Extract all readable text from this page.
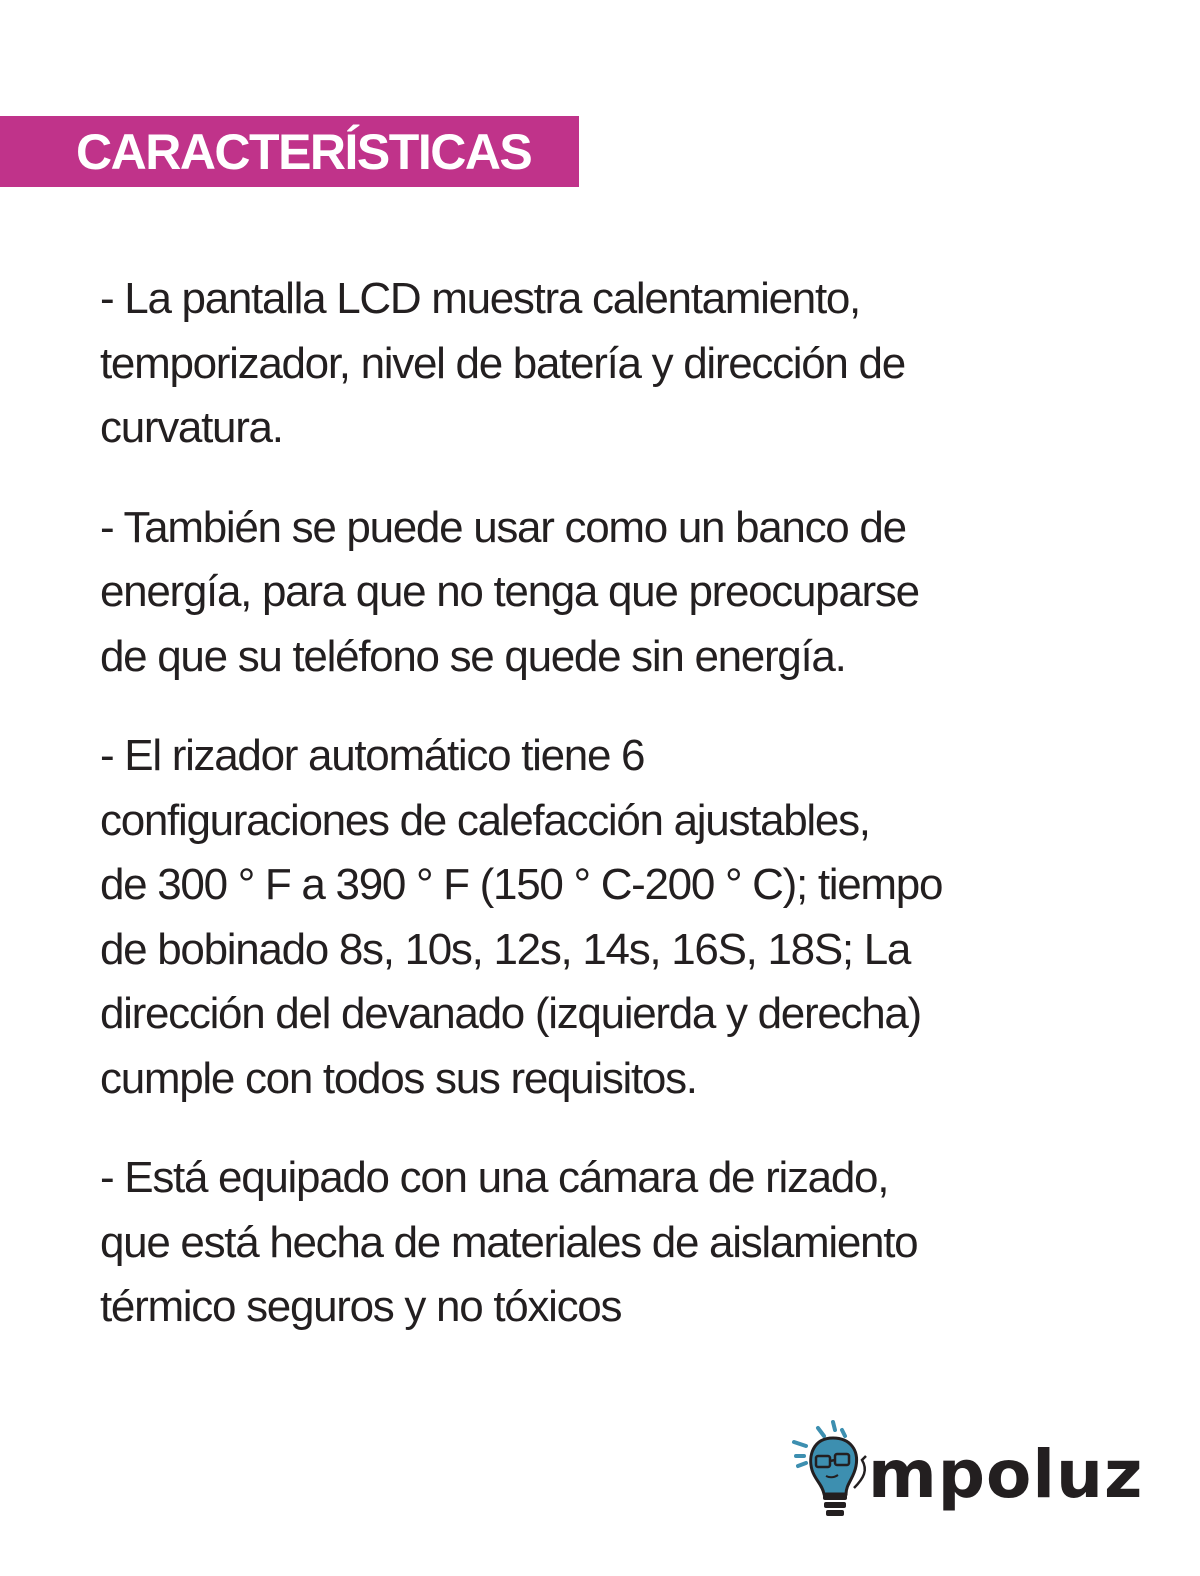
CARACTERÍSTICAS

- La pantalla LCD muestra calentamiento,
temporizador, nivel de batería y dirección de
curvatura.

- También se puede usar como un banco de
energía, para que no tenga que preocuparse
de que su teléfono se quede sin energía.

- El rizador automático tiene 6
configuraciones de calefacción ajustables,
de 300 ° F a 390 ° F (150 ° C-200 ° C); tiempo
de bobinado 8s, 10s, 12s, 14s, 16S, 18S; La
dirección del devanado (izquierda y derecha)
cumple con todos sus requisitos.

- Está equipado con una cámara de rizado,
que está hecha de materiales de aislamiento
térmico seguros y no tóxicos

mpoluz
